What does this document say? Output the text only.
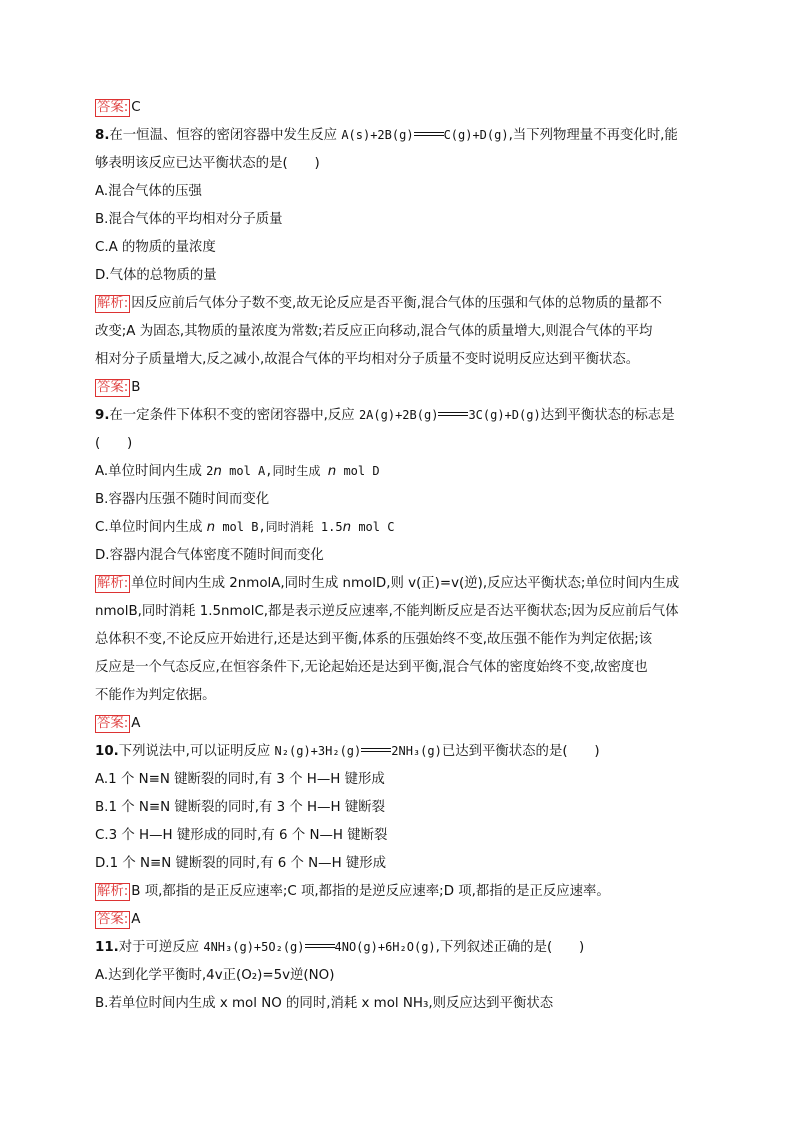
答案: C
8.在一恒温、恒容的密闭容器中发生反应 A(s)+2B(g)	C(g)+D(g),当下列物理量不再变化时,能
够表明该反应已达平衡状态的是(　　)
A.混合气体的压强
B.混合气体的平均相对分子质量
C.A 的物质的量浓度
D.气体的总物质的量
解析: 因反应前后气体分子数不变,故无论反应是否平衡,混合气体的压强和气体的总物质的量都不
改变;A 为固态,其物质的量浓度为常数;若反应正向移动,混合气体的质量增大,则混合气体的平均
相对分子质量增大,反之减小,故混合气体的平均相对分子质量不变时说明反应达到平衡状态。
答案: B
9.在一定条件下体积不变的密闭容器中,反应 2A(g)+2B(g)	3C(g)+D(g)达到平衡状态的标志是
(　　)
A.单位时间内生成 2n mol A,同时生成 n mol D
B.容器内压强不随时间而变化
C.单位时间内生成 n mol B,同时消耗 1.5n mol C
D.容器内混合气体密度不随时间而变化
解析: 单位时间内生成 2nmolA,同时生成 nmolD,则 v(正)=v(逆),反应达平衡状态;单位时间内生成
nmolB,同时消耗 1.5nmolC,都是表示逆反应速率,不能判断反应是否达平衡状态;因为反应前后气体
总体积不变,不论反应开始进行,还是达到平衡,体系的压强始终不变,故压强不能作为判定依据;该
反应是一个气态反应,在恒容条件下,无论起始还是达到平衡,混合气体的密度始终不变,故密度也
不能作为判定依据。
答案: A
10.下列说法中,可以证明反应 N₂(g)+3H₂(g)	2NH₃(g)已达到平衡状态的是(　　)
A.1 个 N≡N 键断裂的同时,有 3 个 H—H 键形成
B.1 个 N≡N 键断裂的同时,有 3 个 H—H 键断裂
C.3 个 H—H 键形成的同时,有 6 个 N—H 键断裂
D.1 个 N≡N 键断裂的同时,有 6 个 N—H 键形成
解析: B 项,都指的是正反应速率;C 项,都指的是逆反应速率;D 项,都指的是正反应速率。
答案: A
11.对于可逆反应 4NH₃(g)+5O₂(g)	4NO(g)+6H₂O(g),下列叙述正确的是(　　)
A.达到化学平衡时,4v正(O₂)=5v逆(NO)
B.若单位时间内生成 x mol NO 的同时,消耗 x mol NH₃,则反应达到平衡状态
